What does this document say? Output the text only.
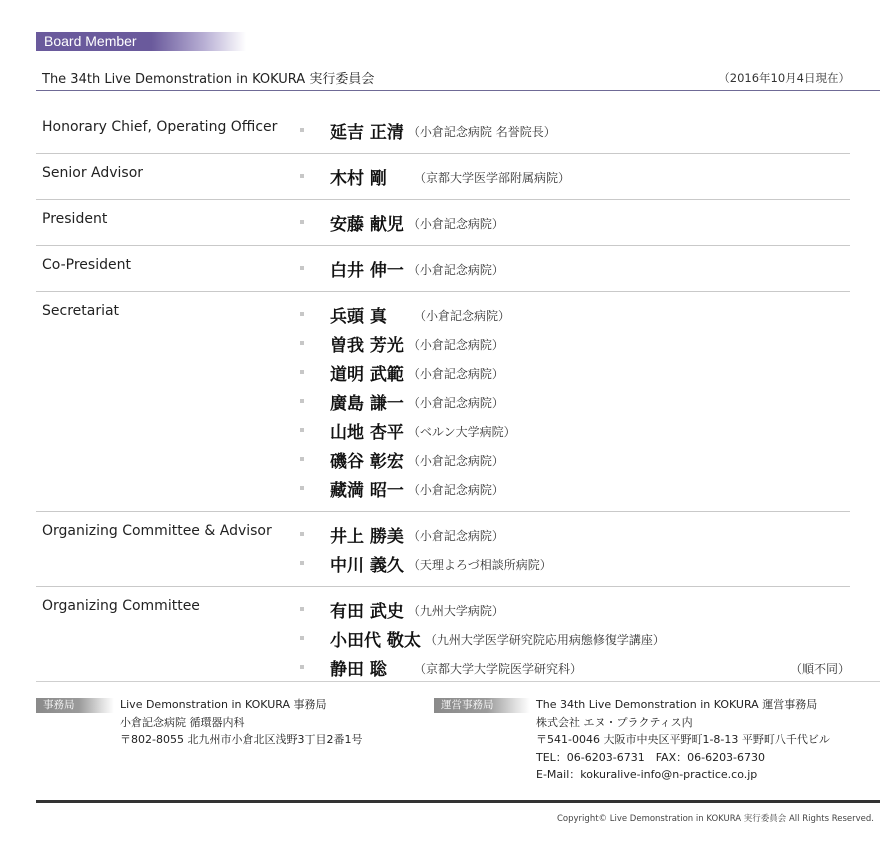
Board Member
The 34th Live Demonstration in KOKURA 実行委員会	（2016年10月4日現在）
Honorary Chief, Operating Officer	延吉 正清 （小倉記念病院 名誉院長）
Senior Advisor	木村 剛 （京都大学医学部附属病院）
President	安藤 献児 （小倉記念病院）
Co-President	白井 伸一 （小倉記念病院）
Secretariat	兵頭 真 （小倉記念病院）
曽我 芳光 （小倉記念病院）
道明 武範 （小倉記念病院）
廣島 謙一 （小倉記念病院）
山地 杏平 （ベルン大学病院）
磯谷 彰宏 （小倉記念病院）
藏満 昭一 （小倉記念病院）
Organizing Committee & Advisor	井上 勝美 （小倉記念病院）
中川 義久 （天理よろづ相談所病院）
Organizing Committee	有田 武史 （九州大学病院）
小田代 敬太 （九州大学医学研究院応用病態修復学講座）
静田 聡 （京都大学大学院医学研究科）	（順不同）
事務局	Live Demonstration in KOKURA 事務局
小倉記念病院 循環器内科
〒802-8055 北九州市小倉北区浅野3丁目2番1号
運営事務局	The 34th Live Demonstration in KOKURA 運営事務局
株式会社 エヌ・プラクティス内
〒541-0046 大阪市中央区平野町1-8-13 平野町八千代ビル
TEL：06-6203-6731　FAX：06-6203-6730
E-Mail：kokuralive-info@n-practice.co.jp
Copyright© Live Demonstration in KOKURA 実行委員会 All Rights Reserved.
